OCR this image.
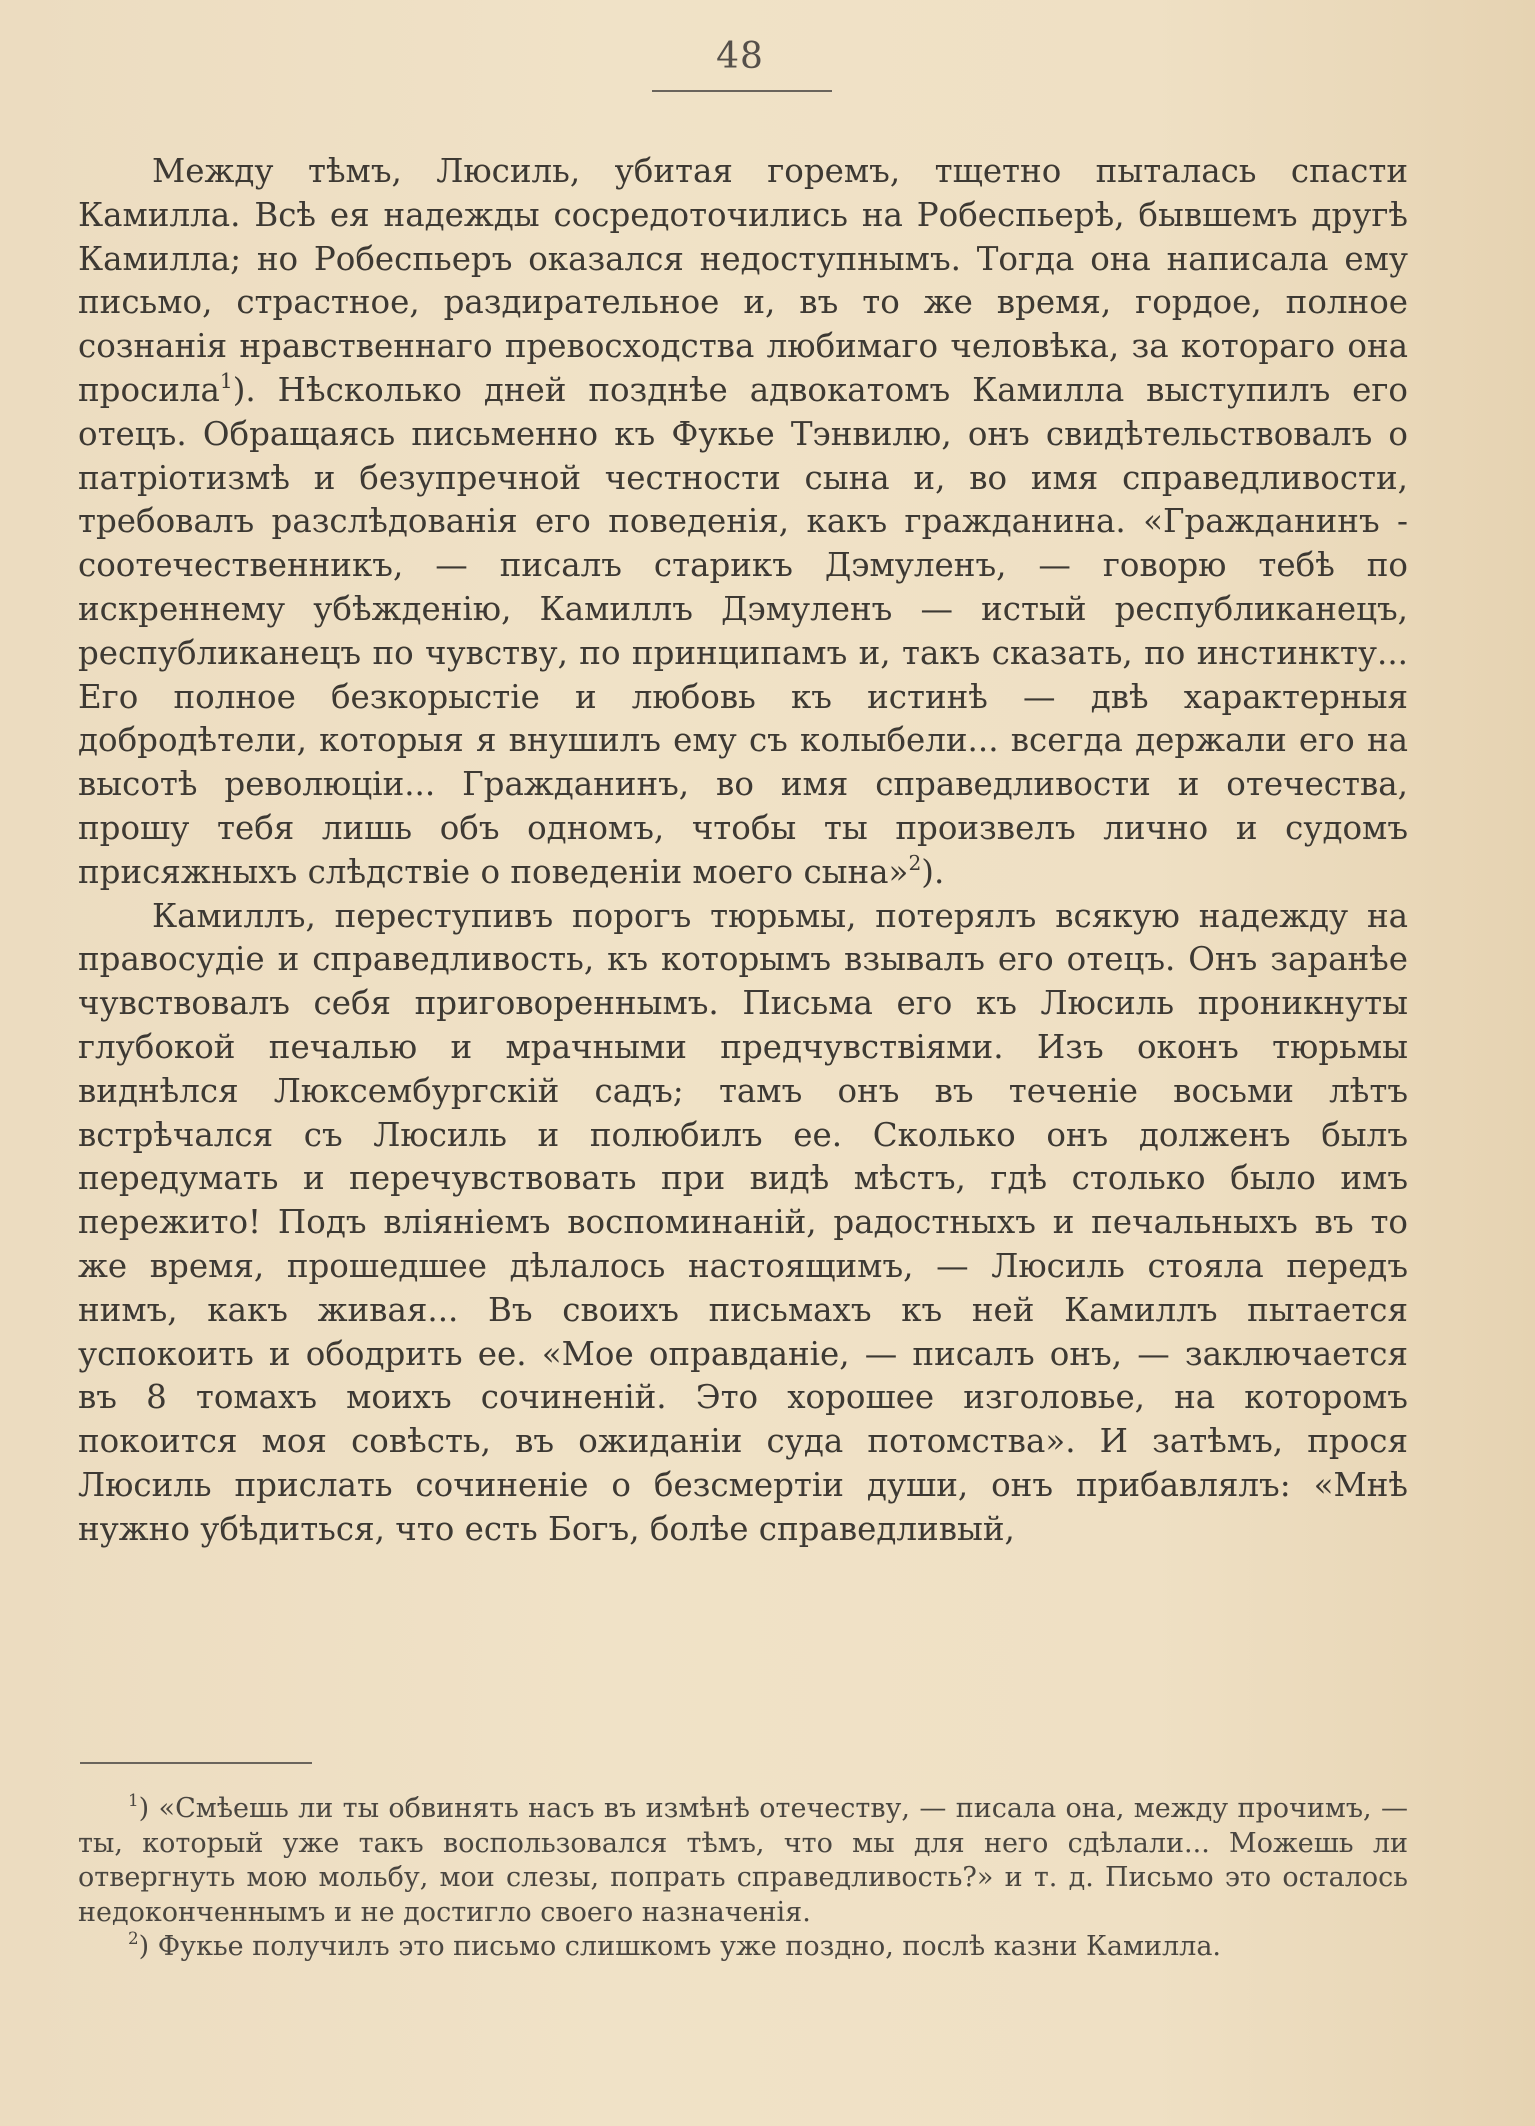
48

Между тѣмъ, Люсиль, убитая горемъ, тщетно пыталась спасти Камилла. Всѣ ея надежды сосредоточились на Робеспьерѣ, бывшемъ другѣ Камилла; но Робеспьеръ оказался недоступнымъ. Тогда она написала ему письмо, страстное, раздирательное и, въ то же время, гордое, полное сознанія нравственнаго превосходства любимаго человѣка, за котораго она просила$^1$). Нѣсколько дней позднѣе адвокатомъ Камилла выступилъ его отецъ. Обращаясь письменно къ Фукье Тэнвилю, онъ свидѣтельствовалъ о патріотизмѣ и безупречной честности сына и, во имя справедливости, требовалъ разслѣдованія его поведенія, какъ гражданина. «Гражданинъ - соотечественникъ, — писалъ старикъ Дэмуленъ, — говорю тебѣ по искреннему убѣжденію, Камиллъ Дэмуленъ — истый республиканецъ, республиканецъ по чувству, по принципамъ и, такъ сказать, по инстинкту... Его полное безкорыстіе и любовь къ истинѣ — двѣ характерныя добродѣтели, которыя я внушилъ ему съ колыбели... всегда держали его на высотѣ революціи... Гражданинъ, во имя справедливости и отечества, прошу тебя лишь объ одномъ, чтобы ты произвелъ лично и судомъ присяжныхъ слѣдствіе о поведеніи моего сына»$^2$).

Камиллъ, переступивъ порогъ тюрьмы, потерялъ всякую надежду на правосудіе и справедливость, къ которымъ взывалъ его отецъ. Онъ заранѣе чувствовалъ себя приговореннымъ. Письма его къ Люсиль проникнуты глубокой печалью и мрачными предчувствіями. Изъ оконъ тюрьмы виднѣлся Люксембургскій садъ; тамъ онъ въ теченіе восьми лѣтъ встрѣчался съ Люсиль и полюбилъ ее. Сколько онъ долженъ былъ передумать и перечувствовать при видѣ мѣстъ, гдѣ столько было имъ пережито! Подъ вліяніемъ воспоминаній, радостныхъ и печальныхъ въ то же время, прошедшее дѣлалось настоящимъ, — Люсиль стояла передъ нимъ, какъ живая... Въ своихъ письмахъ къ ней Камиллъ пытается успокоить и ободрить ее. «Мое оправданіе, — писалъ онъ, — заключается въ 8 томахъ моихъ сочиненій. Это хорошее изголовье, на которомъ покоится моя совѣсть, въ ожиданіи суда потомства». И затѣмъ, прося Люсиль прислать сочиненіе о безсмертіи души, онъ прибавлялъ: «Мнѣ нужно убѣдиться, что есть Богъ, болѣе справедливый,

$^1$) «Смѣешь ли ты обвинять насъ въ измѣнѣ отечеству, — писала она, между прочимъ, — ты, который уже такъ воспользовался тѣмъ, что мы для него сдѣлали... Можешь ли отвергнуть мою мольбу, мои слезы, попрать справедливость?» и т. д. Письмо это осталось недоконченнымъ и не достигло своего назначенія.

$^2$) Фукье получилъ это письмо слишкомъ уже поздно, послѣ казни Камилла.
